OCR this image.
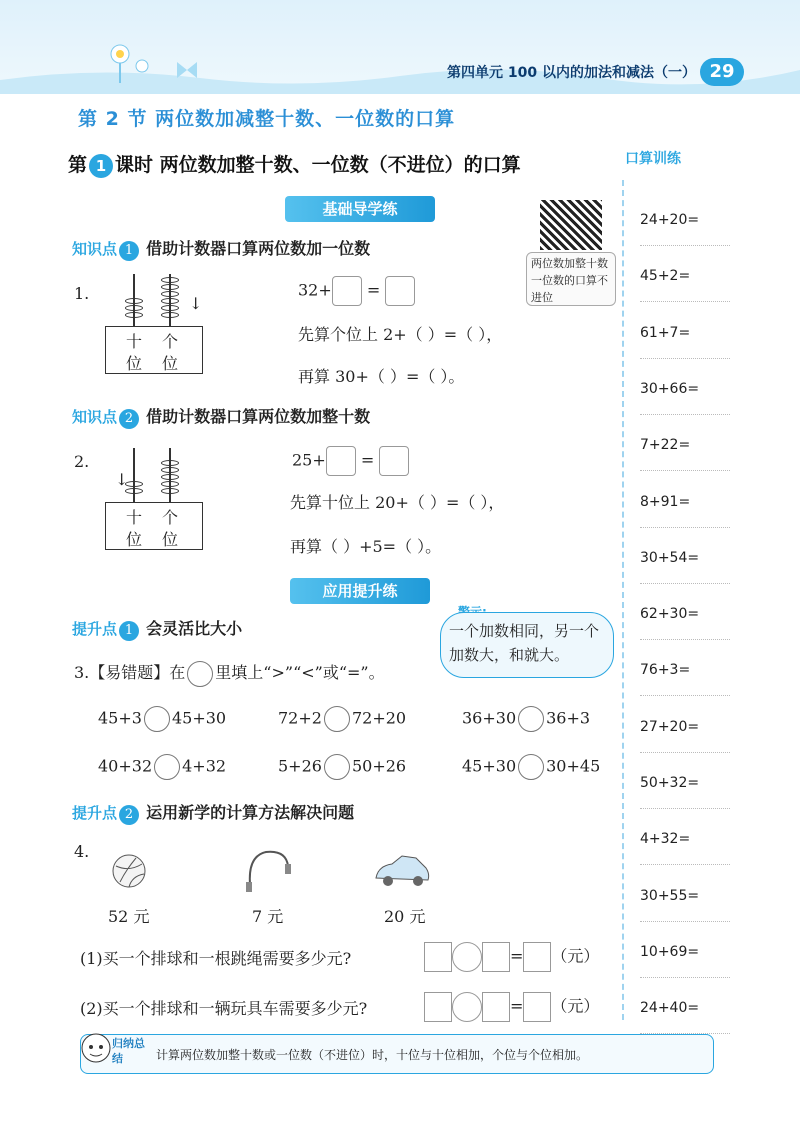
第四单元 100 以内的加法和减法（一） 29
第 2 节 两位数加减整十数、一位数的口算
第 1 课时 两位数加整十数、一位数（不进位）的口算	口算训练
24+20=
45+2=
61+7=
30+66=
7+22=
8+91=
30+54=
62+30=
76+3=
27+20=
50+32=
4+32=
30+55=
10+69=
24+40=
基础导学练
两位数加整十数一位数的口算不进位
知识点 1 借助计数器口算两位数加一位数
1.
↓
十 个
位 位
32+ =
先算个位上 2+（ ）=（ ），
再算 30+（ ）=（ ）。
知识点 2 借助计数器口算两位数加整十数
2.
↓
十 个
位 位
25+ =
先算十位上 20+（ ）=（ ），
再算（ ）+5=（ ）。
应用提升练
提升点 1 会灵活比大小	一个加数相同，另一个加数大，和就大。
3.【易错题】在 里填上“>”“<”或“=”。
45+3 45+30	72+2 72+20	36+30 36+3
40+32 4+32	5+26 50+26	45+30 30+45
提升点 2 运用新学的计算方法解决问题
4.
52 元	7 元	20 元
(1)买一个排球和一根跳绳需要多少元?	= （元）
(2)买一个排球和一辆玩具车需要多少元?	= （元）
归纳总结	计算两位数加整十数或一位数（不进位）时，十位与十位相加，个位与个位相加。
